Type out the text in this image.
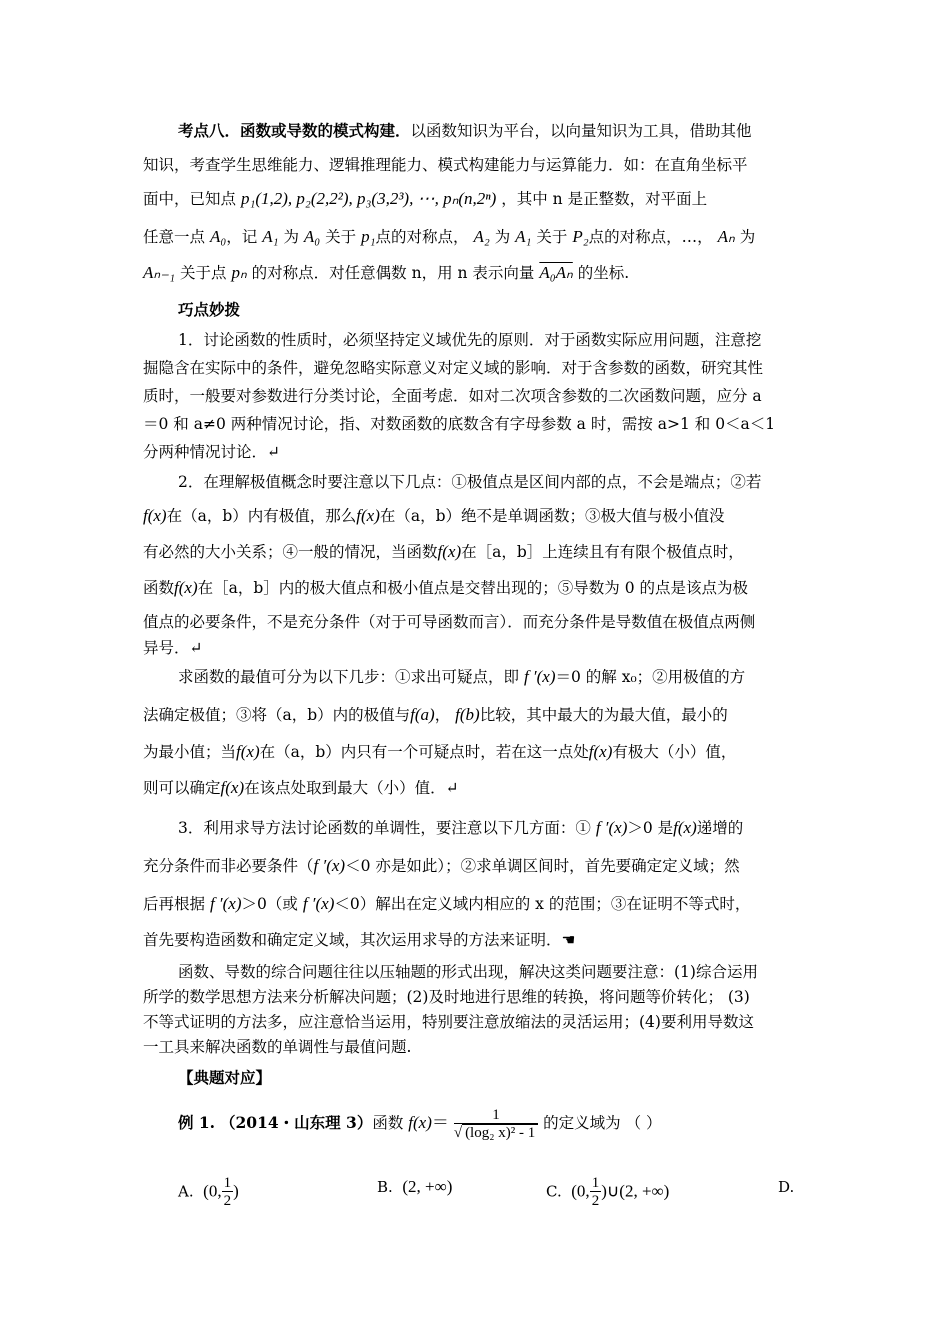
考点八．函数或导数的模式构建．以函数知识为平台，以向量知识为工具，借助其他
知识，考查学生思维能力、逻辑推理能力、模式构建能力与运算能力．如：在直角坐标平
面中，已知点 p₁(1,2), p₂(2,2²), p₃(3,2³), ⋯, pₙ(n,2ⁿ) ，其中 n 是正整数，对平面上
任意一点 A₀，记 A₁ 为 A₀ 关于 p₁点的对称点， A₂ 为 A₁ 关于 P₂点的对称点，…， Aₙ 为
Aₙ₋₁ 关于点 pₙ 的对称点．对任意偶数 n，用 n 表示向量 A₀Aₙ 的坐标.
巧点妙拨
1．讨论函数的性质时，必须坚持定义域优先的原则．对于函数实际应用问题，注意挖
掘隐含在实际中的条件，避免忽略实际意义对定义域的影响．对于含参数的函数，研究其性
质时，一般要对参数进行分类讨论，全面考虑．如对二次项含参数的二次函数问题，应分 a
＝0 和 a≠0 两种情况讨论，指、对数函数的底数含有字母参数 a 时，需按 a>1 和 0＜a＜1
分两种情况讨论．↵
2．在理解极值概念时要注意以下几点：①极值点是区间内部的点，不会是端点；②若
f(x)在（a，b）内有极值，那么f(x)在（a，b）绝不是单调函数；③极大值与极小值没
有必然的大小关系；④一般的情况，当函数f(x)在［a，b］上连续且有有限个极值点时，
函数f(x)在［a，b］内的极大值点和极小值点是交替出现的；⑤导数为 0 的点是该点为极
值点的必要条件，不是充分条件（对于可导函数而言）．而充分条件是导数值在极值点两侧
异号．↵
求函数的最值可分为以下几步：①求出可疑点，即 f ′(x)＝0 的解 x₀；②用极值的方
法确定极值；③将（a，b）内的极值与f(a)， f(b)比较，其中最大的为最大值，最小的
为最小值；当f(x)在（a，b）内只有一个可疑点时，若在这一点处f(x)有极大（小）值，
则可以确定f(x)在该点处取到最大（小）值．↵
3．利用求导方法讨论函数的单调性，要注意以下几方面：① f ′(x)＞0 是f(x)递增的
充分条件而非必要条件（f ′(x)＜0 亦是如此）；②求单调区间时，首先要确定定义域；然
后再根据 f ′(x)＞0（或 f ′(x)＜0）解出在定义域内相应的 x 的范围；③在证明不等式时，
首先要构造函数和确定定义域，其次运用求导的方法来证明．☚
函数、导数的综合问题往往以压轴题的形式出现，解决这类问题要注意：(1)综合运用
所学的数学思想方法来分析解决问题；(2)及时地进行思维的转换，将问题等价转化； (3)
不等式证明的方法多，应注意恰当运用，特别要注意放缩法的灵活运用；(4)要利用导数这
一工具来解决函数的单调性与最值问题.
【典题对应】
例 1. （2014・山东理 3）函数 $f(x)= \frac{1}{\text{√ (log₂ x)² - 1}}$ 的定义域为 （ ）
A. (0, $\frac{1}{2}$ )	B. (2, +∞)	C. (0, $\frac{1}{2}$ )∪(2, +∞)	D.
